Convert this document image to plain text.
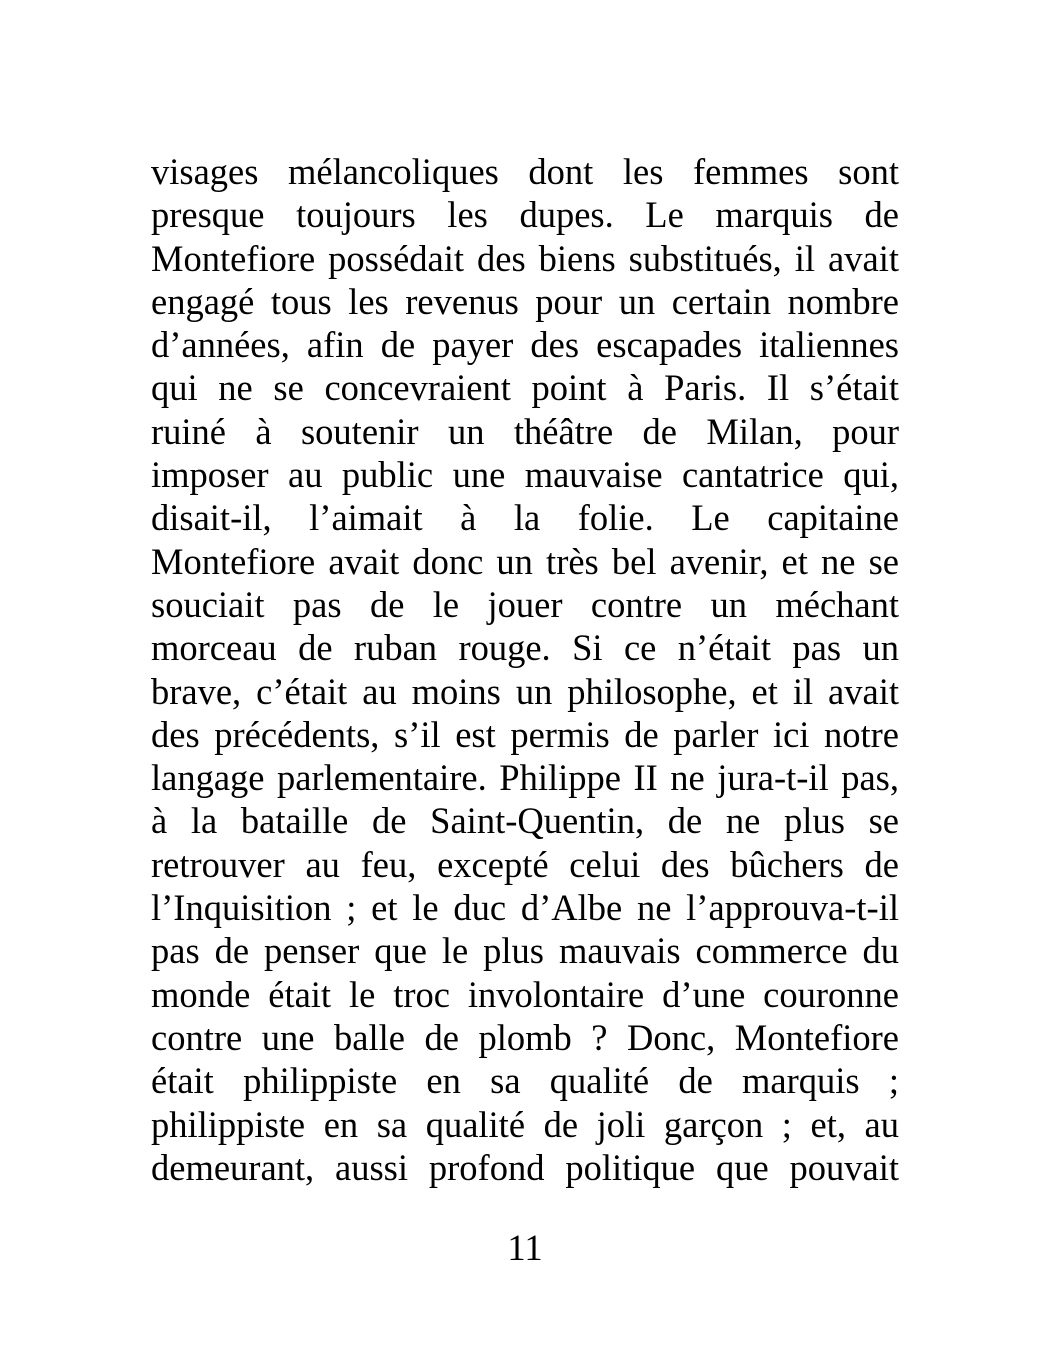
visages mélancoliques dont les femmes sont
presque toujours les dupes. Le marquis de
Montefiore possédait des biens substitués, il avait
engagé tous les revenus pour un certain nombre
d’années, afin de payer des escapades italiennes
qui ne se concevraient point à Paris. Il s’était
ruiné à soutenir un théâtre de Milan, pour
imposer au public une mauvaise cantatrice qui,
disait-il, l’aimait à la folie. Le capitaine
Montefiore avait donc un très bel avenir, et ne se
souciait pas de le jouer contre un méchant
morceau de ruban rouge. Si ce n’était pas un
brave, c’était au moins un philosophe, et il avait
des précédents, s’il est permis de parler ici notre
langage parlementaire. Philippe II ne jura-t-il pas,
à la bataille de Saint-Quentin, de ne plus se
retrouver au feu, excepté celui des bûchers de
l’Inquisition ; et le duc d’Albe ne l’approuva-t-il
pas de penser que le plus mauvais commerce du
monde était le troc involontaire d’une couronne
contre une balle de plomb ? Donc, Montefiore
était philippiste en sa qualité de marquis ;
philippiste en sa qualité de joli garçon ; et, au
demeurant, aussi profond politique que pouvait
11
